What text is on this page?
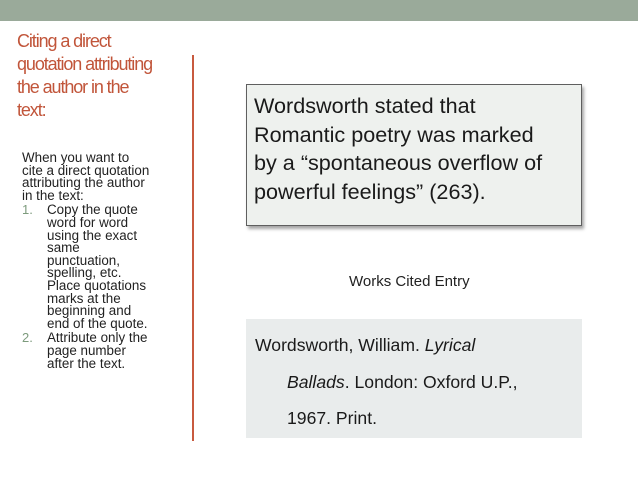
Citing a direct
quotation attributing
the author in the
text:
When you want to
cite a direct quotation
attributing the author
in the text:
1. Copy the quote
word for word
using the exact
same
punctuation,
spelling, etc.
Place quotations
marks at the
beginning and
end of the quote.
2. Attribute only the
page number
after the text.
Wordsworth stated that
Romantic poetry was marked
by a “spontaneous overflow of
powerful feelings” (263).
Works Cited Entry
Wordsworth, William. Lyrical
Ballads. London: Oxford U.P.,
1967. Print.
